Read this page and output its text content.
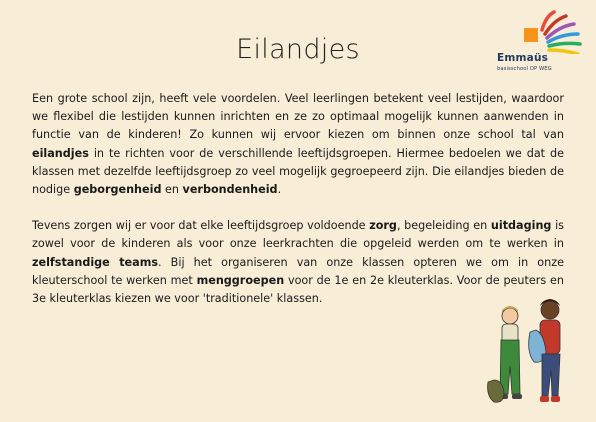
Eilandjes	Emmaüs
basisschool OP WEG

Een grote school zijn, heeft vele voordelen. Veel leerlingen betekent veel lestijden, waardoor we flexibel die lestijden kunnen inrichten en ze zo optimaal mogelijk kunnen aanwenden in functie van de kinderen! Zo kunnen wij ervoor kiezen om binnen onze school tal van eilandjes in te richten voor de verschillende leeftijdsgroepen. Hiermee bedoelen we dat de klassen met dezelfde leeftijdsgroep zo veel mogelijk gegroepeerd zijn. Die eilandjes bieden de nodige geborgenheid en verbondenheid.

Tevens zorgen wij er voor dat elke leeftijdsgroep voldoende zorg, begeleiding en uitdaging is zowel voor de kinderen als voor onze leerkrachten die opgeleid werden om te werken in zelfstandige teams. Bij het organiseren van onze klassen opteren we om in onze kleuterschool te werken met menggroepen voor de 1e en 2e kleuterklas. Voor de peuters en 3e kleuterklas kiezen we voor 'traditionele' klassen.
